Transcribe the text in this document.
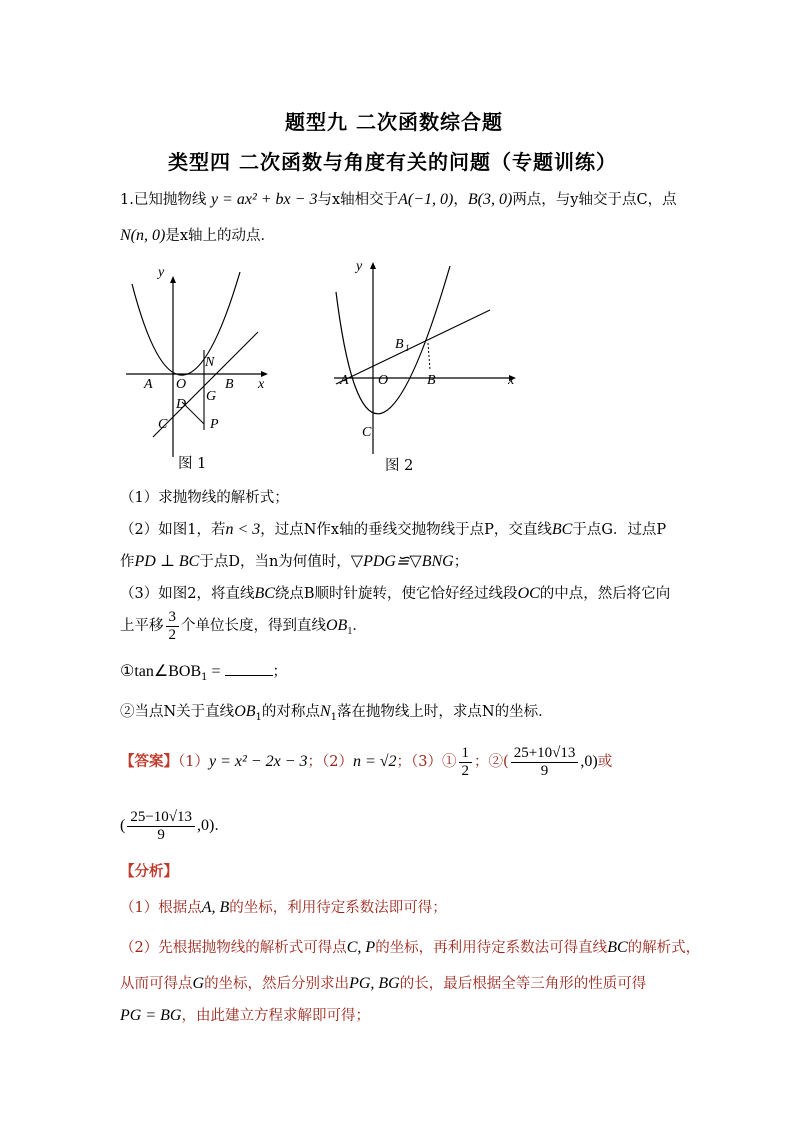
题型九 二次函数综合题
类型四 二次函数与角度有关的问题（专题训练）
1.已知抛物线 y = ax² + bx − 3与x轴相交于A(−1, 0)，B(3, 0)两点，与y轴交于点C，点
N(n, 0)是x轴上的动点．
y
x
A O	B
N
D
G
C	P
图 1
y
x
A O	B
B 1
C
图 2
（1）求抛物线的解析式；
（2）如图1，若n < 3，过点N作x轴的垂线交抛物线于点P，交直线BC于点G．过点P
作PD ⊥ BC于点D，当n为何值时，▽PDG≌▽BNG；
（3）如图2，将直线BC绕点B顺时针旋转，使它恰好经过线段OC的中点，然后将它向
上平移 $\frac{3}{2}$ 个单位长度，得到直线$OB_1$．
$①\tan\angle BOB_1$ =	；
②当点N关于直线$OB_1$的对称点$N_1$落在抛物线上时，求点N的坐标．
【答案】（1）y = x² − 2x − 3；（2）n = √2；（3）① $\frac{1}{2}$ ；②( $\frac{25+10√13}{9} ,0$)或
( $\frac{25-10√13}{9} ,0$)．
【分析】
（1）根据点A, B的坐标，利用待定系数法即可得；
（2）先根据抛物线的解析式可得点C, P的坐标，再利用待定系数法可得直线BC的解析式，
从而可得点G的坐标，然后分别求出PG, BG的长，最后根据全等三角形的性质可得
PG = BG，由此建立方程求解即可得；
